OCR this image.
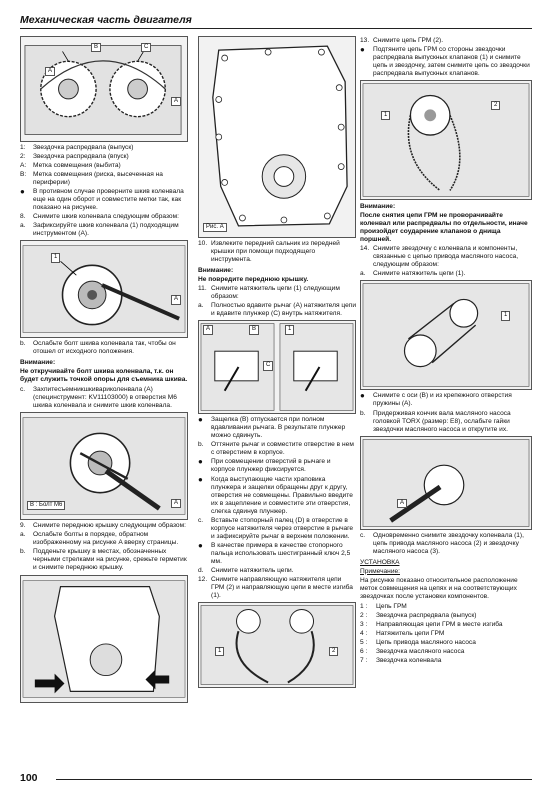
Механическая часть двигателя
A
B	C
A
1:	Звездочка распредвала (выпуск)
2:	Звездочка распредвала (впуск)
A:	Метка совмещения (выбита)
B:	Метка совмещения (риска, высеченная на периферии)
●	В противном случае проверните шкив коленвала еще на один оборот и совместите метки так, как показано на рисунке.
8.	Снимите шкив коленвала следующим образом:
a.	Зафиксируйте шкив коленвала (1) подходящим инструментом (A).
A
1
b.	Ослабьте болт шкива коленвала так, чтобы он отошел от исходного положения.

Внимание:

Не откручивайте болт шкива коленвала, т.к. он будет служить точкой опоры для съемника шкива.

c.	Захпитесъемникшкивариколенвала (A) (специнструмент: KV11103000) в отверстия M6 шкива коленвала и снимите шкив коленвала.
B : Болт M6	A
9.	Снимите переднюю крышку следующим образом:
a.	Ослабьте болты в порядке, обратном изображенному на рисунке A вверху страницы.
b.	Подденьте крышку в местах, обозначенных черными стрелками на рисунке, срежьте герметик и снимите переднюю крышку.
Рис. A
10. Извлеките передний сальник из передней крышки при помощи подходящего инструмента.

Внимание:

Не повредите переднюю крышку.

11. Снимите натяжитель цепи (1) следующим образом:
a.	Полностью вдавите рычаг (A) натяжителя цепи и вдавите плунжер (C) внутрь натяжителя.
A	B
C
1
●	Защелка (B) отпускается при полном вдавливании рычага. В результате плунжер можно сдвинуть.
b.	Оттяните рычаг и совместите отверстие в нем с отверстием в корпусе.
●	При совмещении отверстий в рычаге и корпусе плунжер фиксируется.
●	Когда выступающие части храповика плунжера и защелки обращены друг к другу, отверстия не совмещены. Правильно введите их в зацепление и совместите эти отверстия, слегка сдвинув плунжер.
c.	Вставьте стопорный палец (D) в отверстие в корпусе натяжителя через отверстие в рычаге и зафиксируйте рычаг в верхнем положении.
●	В качестве примера в качестве стопорного пальца использовать шестигранный ключ 2,5 мм.
d.	Снимите натяжитель цепи.
12. Снимите направляющую натяжителя цепи ГРМ (2) и направляющую цепи в месте изгиба (1).
1	2
13. Снимите цепь ГРМ (2).
●	Подтяните цепь ГРМ со стороны звездочки распредвала выпускных клапанов (1) и снимите цепь и звездочку, затем снимите цепь со звездочки распредвала выпускных клапанов.
1
2

Внимание:

После снятия цепи ГРМ не проворачивайте коленвал или распредвалы по отдельности, иначе произойдет соударение клапанов о днища поршней.

14. Снимите звездочку с коленвала и компоненты, связанные с цепью привода масляного насоса, следующим образом:
a.	Снимите натяжитель цепи (1).
1
●	Снимите с оси (B) и из крепежного отверстия пружины (A).
b.	Придерживая кончик вала масляного насоса головкой TORX (размер: E8), ослабьте гайки звездочки масляного насоса и открутите их.
A
c.	Одновременно снимите звездочку коленвала (1), цепь привода масляного насоса (2) и звездочку масляного насоса (3).

УСТАНОВКА

Примечание:

На рисунке показано относительное расположение меток совмещения на цепях и на соответствующих звездочках после установки компонентов.

1 :	Цепь ГРМ
2 :	Звездочка распредвала (выпуск)
3 :	Направляющая цепи ГРМ в месте изгиба
4 :	Натяжитель цепи ГРМ
5 :	Цепь привода масляного насоса
6 :	Звездочка масляного насоса
7 :	Звездочка коленвала
100
